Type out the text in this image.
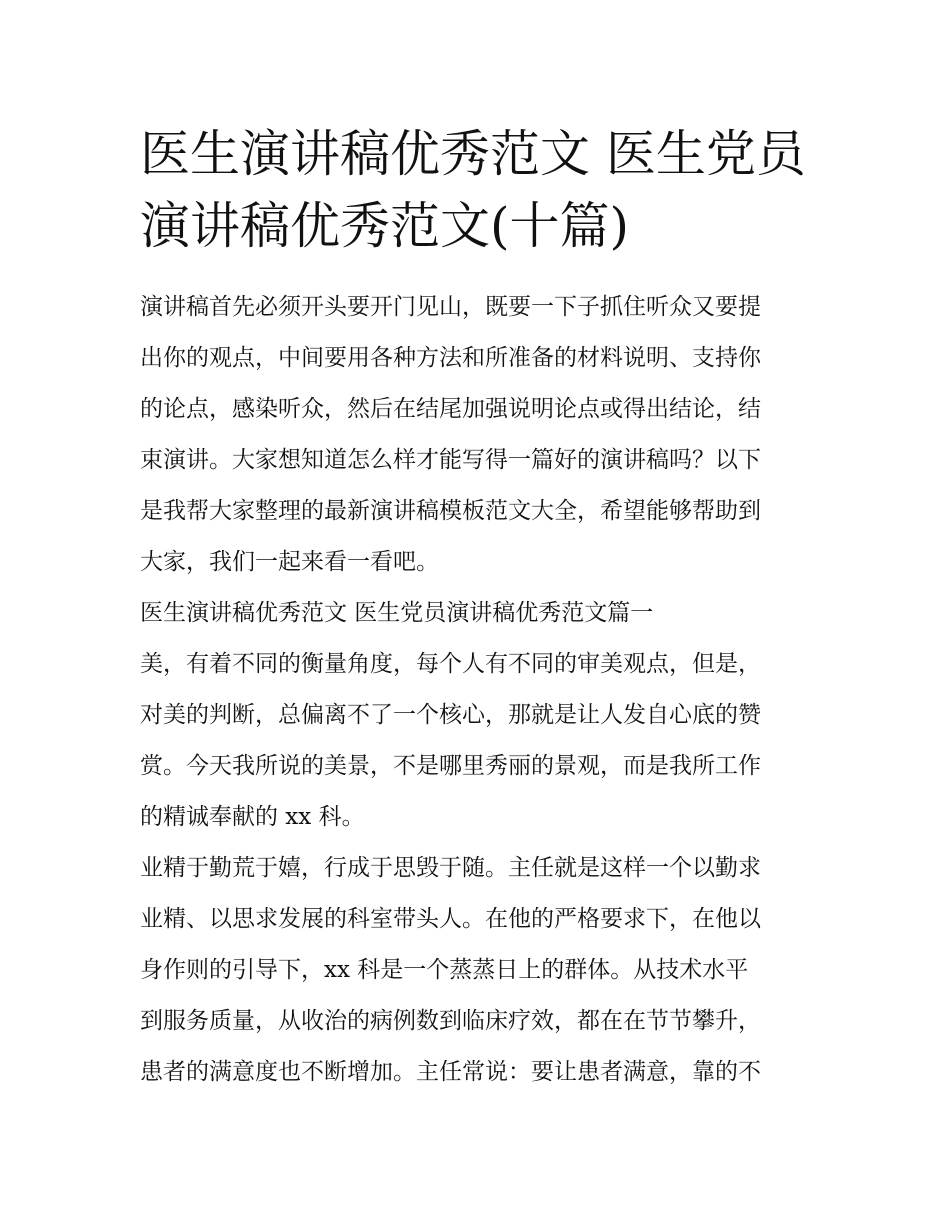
医生演讲稿优秀范文 医生党员
演讲稿优秀范文(十篇)

演讲稿首先必须开头要开门见山，既要一下子抓住听众又要提
出你的观点，中间要用各种方法和所准备的材料说明、支持你
的论点，感染听众，然后在结尾加强说明论点或得出结论，结
束演讲。大家想知道怎么样才能写得一篇好的演讲稿吗？以下
是我帮大家整理的最新演讲稿模板范文大全，希望能够帮助到
大家，我们一起来看一看吧。

医生演讲稿优秀范文 医生党员演讲稿优秀范文篇一

美，有着不同的衡量角度，每个人有不同的审美观点，但是，
对美的判断，总偏离不了一个核心，那就是让人发自心底的赞
赏。今天我所说的美景，不是哪里秀丽的景观，而是我所工作
的精诚奉献的 xx 科。

业精于勤荒于嬉，行成于思毁于随。主任就是这样一个以勤求
业精、以思求发展的科室带头人。在他的严格要求下，在他以
身作则的引导下，xx 科是一个蒸蒸日上的群体。从技术水平
到服务质量，从收治的病例数到临床疗效，都在在节节攀升，
患者的满意度也不断增加。主任常说：要让患者满意，靠的不
